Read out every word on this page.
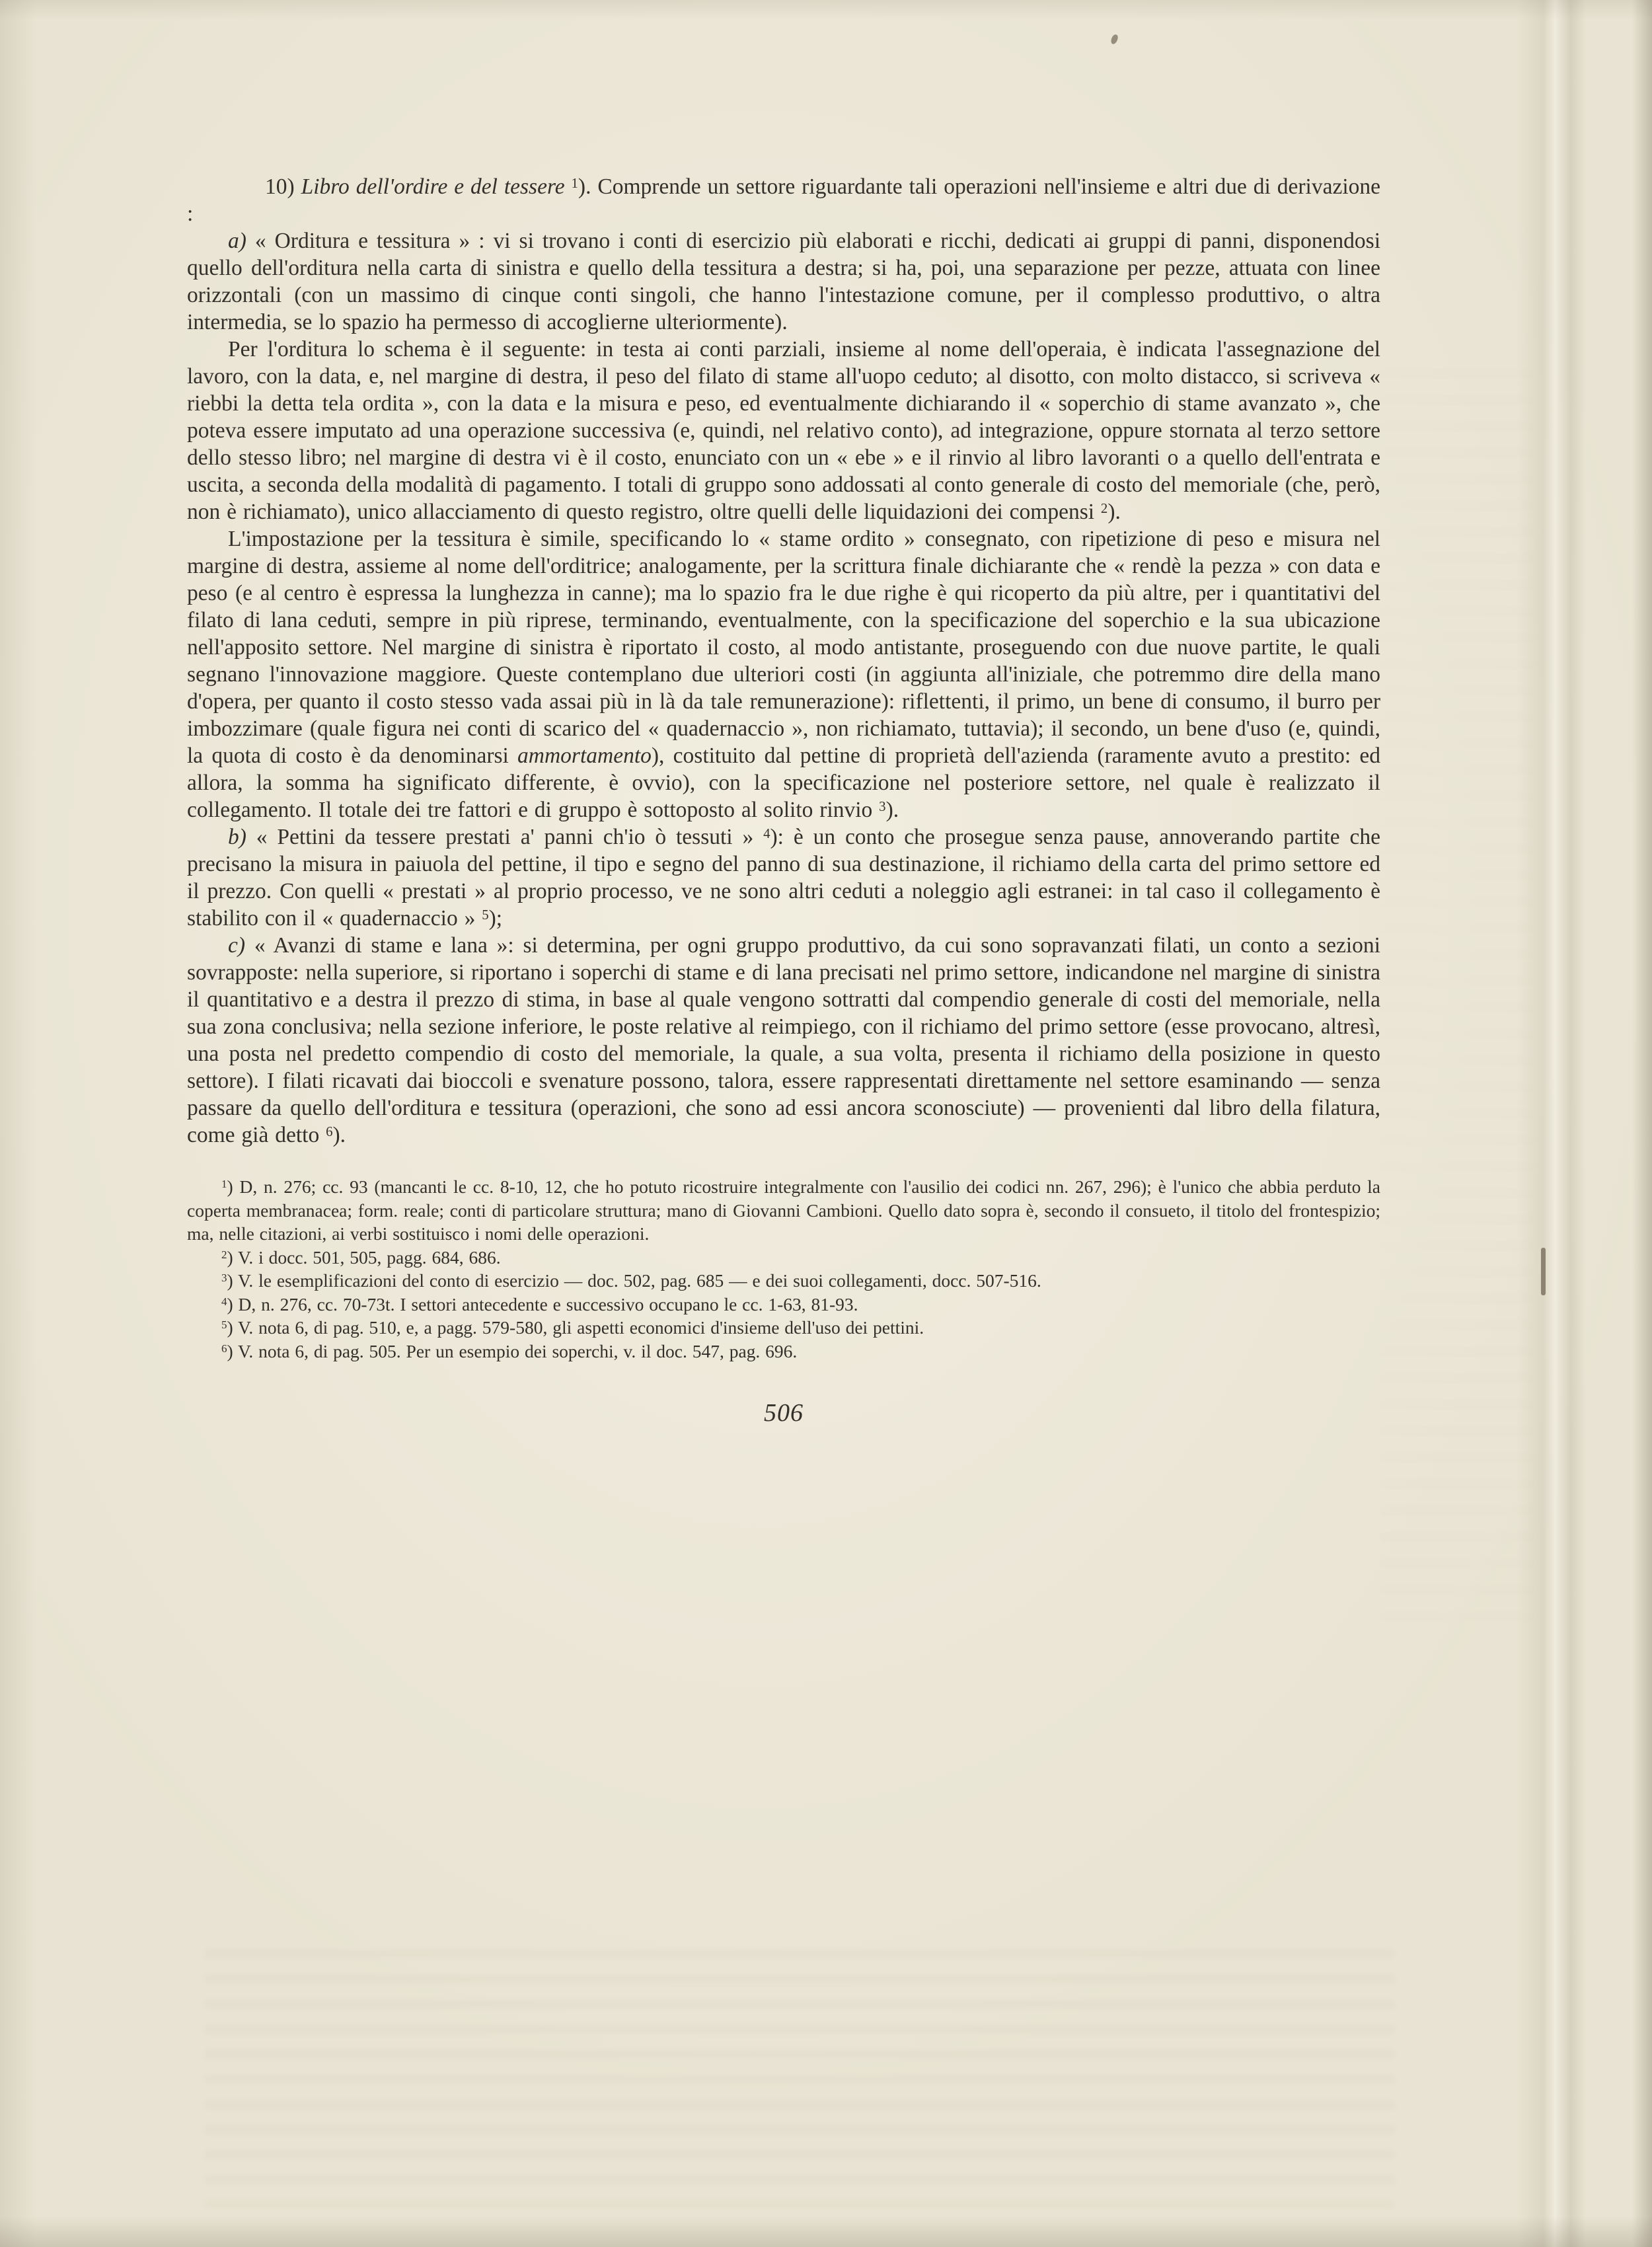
10) Libro dell'ordire e del tessere $^1$). Comprende un settore riguardante tali operazioni nell'insieme e altri due di derivazione :

a) « Orditura e tessitura » : vi si trovano i conti di esercizio più elaborati e ricchi, dedicati ai gruppi di panni, disponendosi quello dell'orditura nella carta di sinistra e quello della tessitura a destra; si ha, poi, una separazione per pezze, attuata con linee orizzontali (con un massimo di cinque conti singoli, che hanno l'intestazione comune, per il complesso produttivo, o altra intermedia, se lo spazio ha permesso di accoglierne ulteriormente).

Per l'orditura lo schema è il seguente: in testa ai conti parziali, insieme al nome dell'operaia, è indicata l'assegnazione del lavoro, con la data, e, nel margine di destra, il peso del filato di stame all'uopo ceduto; al disotto, con molto distacco, si scriveva « riebbi la detta tela ordita », con la data e la misura e peso, ed eventualmente dichiarando il « soperchio di stame avanzato », che poteva essere imputato ad una operazione successiva (e, quindi, nel relativo conto), ad integrazione, oppure stornata al terzo settore dello stesso libro; nel margine di destra vi è il costo, enunciato con un « ebe » e il rinvio al libro lavoranti o a quello dell'entrata e uscita, a seconda della modalità di pagamento. I totali di gruppo sono addossati al conto generale di costo del memoriale (che, però, non è richiamato), unico allacciamento di questo registro, oltre quelli delle liquidazioni dei compensi $^2$).

L'impostazione per la tessitura è simile, specificando lo « stame ordito » consegnato, con ripetizione di peso e misura nel margine di destra, assieme al nome dell'orditrice; analogamente, per la scrittura finale dichiarante che « rendè la pezza » con data e peso (e al centro è espressa la lunghezza in canne); ma lo spazio fra le due righe è qui ricoperto da più altre, per i quantitativi del filato di lana ceduti, sempre in più riprese, terminando, eventualmente, con la specificazione del soperchio e la sua ubicazione nell'apposito settore. Nel margine di sinistra è riportato il costo, al modo antistante, proseguendo con due nuove partite, le quali segnano l'innovazione maggiore. Queste contemplano due ulteriori costi (in aggiunta all'iniziale, che potremmo dire della mano d'opera, per quanto il costo stesso vada assai più in là da tale remunerazione): riflettenti, il primo, un bene di consumo, il burro per imbozzimare (quale figura nei conti di scarico del « quadernaccio », non richiamato, tuttavia); il secondo, un bene d'uso (e, quindi, la quota di costo è da denominarsi ammortamento), costituito dal pettine di proprietà dell'azienda (raramente avuto a prestito: ed allora, la somma ha significato differente, è ovvio), con la specificazione nel posteriore settore, nel quale è realizzato il collegamento. Il totale dei tre fattori e di gruppo è sottoposto al solito rinvio $^3$).

b) « Pettini da tessere prestati a' panni ch'io ò tessuti » $^4$): è un conto che prosegue senza pause, annoverando partite che precisano la misura in paiuola del pettine, il tipo e segno del panno di sua destinazione, il richiamo della carta del primo settore ed il prezzo. Con quelli « prestati » al proprio processo, ve ne sono altri ceduti a noleggio agli estranei: in tal caso il collegamento è stabilito con il « quadernaccio » $^5$);

c) « Avanzi di stame e lana »: si determina, per ogni gruppo produttivo, da cui sono sopravanzati filati, un conto a sezioni sovrapposte: nella superiore, si riportano i soperchi di stame e di lana precisati nel primo settore, indicandone nel margine di sinistra il quantitativo e a destra il prezzo di stima, in base al quale vengono sottratti dal compendio generale di costi del memoriale, nella sua zona conclusiva; nella sezione inferiore, le poste relative al reimpiego, con il richiamo del primo settore (esse provocano, altresì, una posta nel predetto compendio di costo del memoriale, la quale, a sua volta, presenta il richiamo della posizione in questo settore). I filati ricavati dai bioccoli e svenature possono, talora, essere rappresentati direttamente nel settore esaminando — senza passare da quello dell'orditura e tessitura (operazioni, che sono ad essi ancora sconosciute) — provenienti dal libro della filatura, come già detto $^6$).

$^1$) D, n. 276; cc. 93 (mancanti le cc. 8-10, 12, che ho potuto ricostruire integralmente con l'ausilio dei codici nn. 267, 296); è l'unico che abbia perduto la coperta membranacea; form. reale; conti di particolare struttura; mano di Giovanni Cambioni. Quello dato sopra è, secondo il consueto, il titolo del frontespizio; ma, nelle citazioni, ai verbi sostituisco i nomi delle operazioni.

$^2$) V. i docc. 501, 505, pagg. 684, 686.

$^3$) V. le esemplificazioni del conto di esercizio — doc. 502, pag. 685 — e dei suoi collegamenti, docc. 507-516.

$^4$) D, n. 276, cc. 70-73t. I settori antecedente e successivo occupano le cc. 1-63, 81-93.

$^5$) V. nota 6, di pag. 510, e, a pagg. 579-580, gli aspetti economici d'insieme dell'uso dei pettini.

$^6$) V. nota 6, di pag. 505. Per un esempio dei soperchi, v. il doc. 547, pag. 696.

506
